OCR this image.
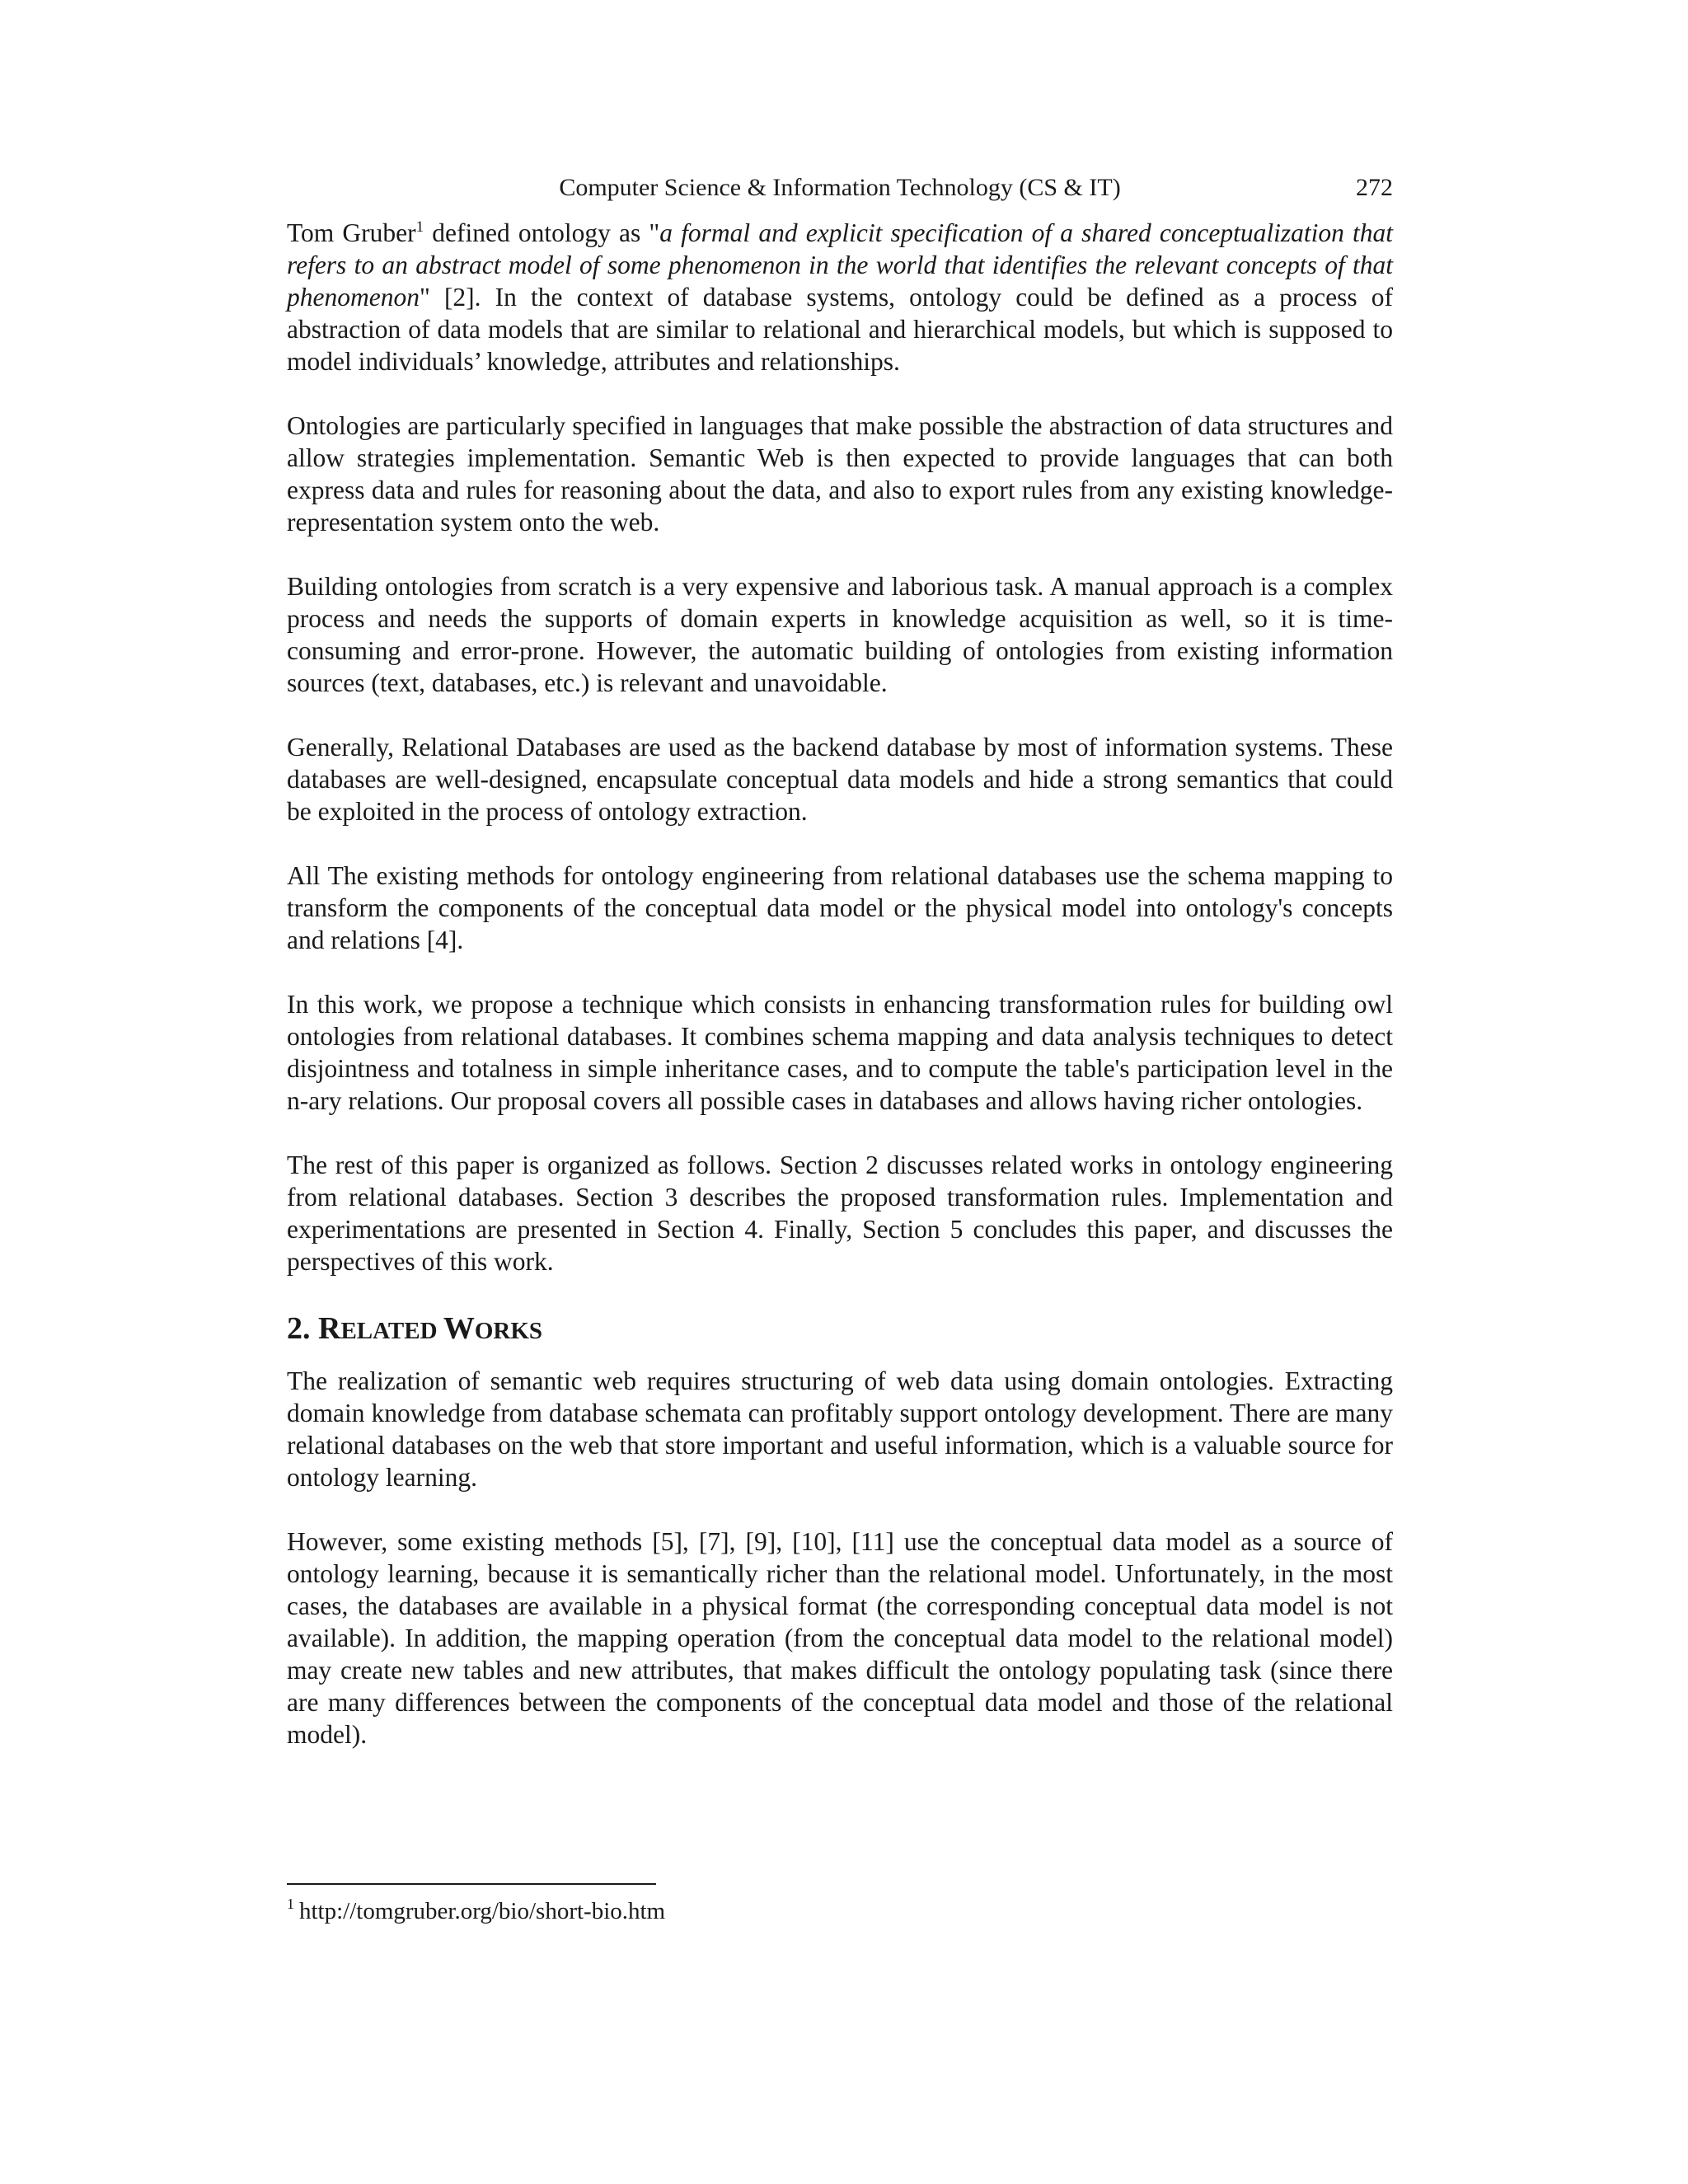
Computer Science & Information Technology (CS & IT)	272

Tom Gruber$^1$ defined ontology as "a formal and explicit specification of a shared conceptualization that refers to an abstract model of some phenomenon in the world that identifies the relevant concepts of that phenomenon" [2]. In the context of database systems, ontology could be defined as a process of abstraction of data models that are similar to relational and hierarchical models, but which is supposed to model individuals’ knowledge, attributes and relationships.

Ontologies are particularly specified in languages that make possible the abstraction of data structures and allow strategies implementation. Semantic Web is then expected to provide languages that can both express data and rules for reasoning about the data, and also to export rules from any existing knowledge-representation system onto the web.

Building ontologies from scratch is a very expensive and laborious task. A manual approach is a complex process and needs the supports of domain experts in knowledge acquisition as well, so it is time-consuming and error-prone. However, the automatic building of ontologies from existing information sources (text, databases, etc.) is relevant and unavoidable.

Generally, Relational Databases are used as the backend database by most of information systems. These databases are well-designed, encapsulate conceptual data models and hide a strong semantics that could be exploited in the process of ontology extraction.

All The existing methods for ontology engineering from relational databases use the schema mapping to transform the components of the conceptual data model or the physical model into ontology's concepts and relations [4].

In this work, we propose a technique which consists in enhancing transformation rules for building owl ontologies from relational databases. It combines schema mapping and data analysis techniques to detect disjointness and totalness in simple inheritance cases, and to compute the table's participation level in the n-ary relations. Our proposal covers all possible cases in databases and allows having richer ontologies.

The rest of this paper is organized as follows. Section 2 discusses related works in ontology engineering from relational databases. Section 3 describes the proposed transformation rules. Implementation and experimentations are presented in Section 4. Finally, Section 5 concludes this paper, and discusses the perspectives of this work.

2. RELATED WORKS

The realization of semantic web requires structuring of web data using domain ontologies. Extracting domain knowledge from database schemata can profitably support ontology development. There are many relational databases on the web that store important and useful information, which is a valuable source for ontology learning.

However, some existing methods [5], [7], [9], [10], [11] use the conceptual data model as a source of ontology learning, because it is semantically richer than the relational model. Unfortunately, in the most cases, the databases are available in a physical format (the corresponding conceptual data model is not available). In addition, the mapping operation (from the conceptual data model to the relational model) may create new tables and new attributes, that makes difficult the ontology populating task (since there are many differences between the components of the conceptual data model and those of the relational model).

$^1$ http://tomgruber.org/bio/short-bio.htm
